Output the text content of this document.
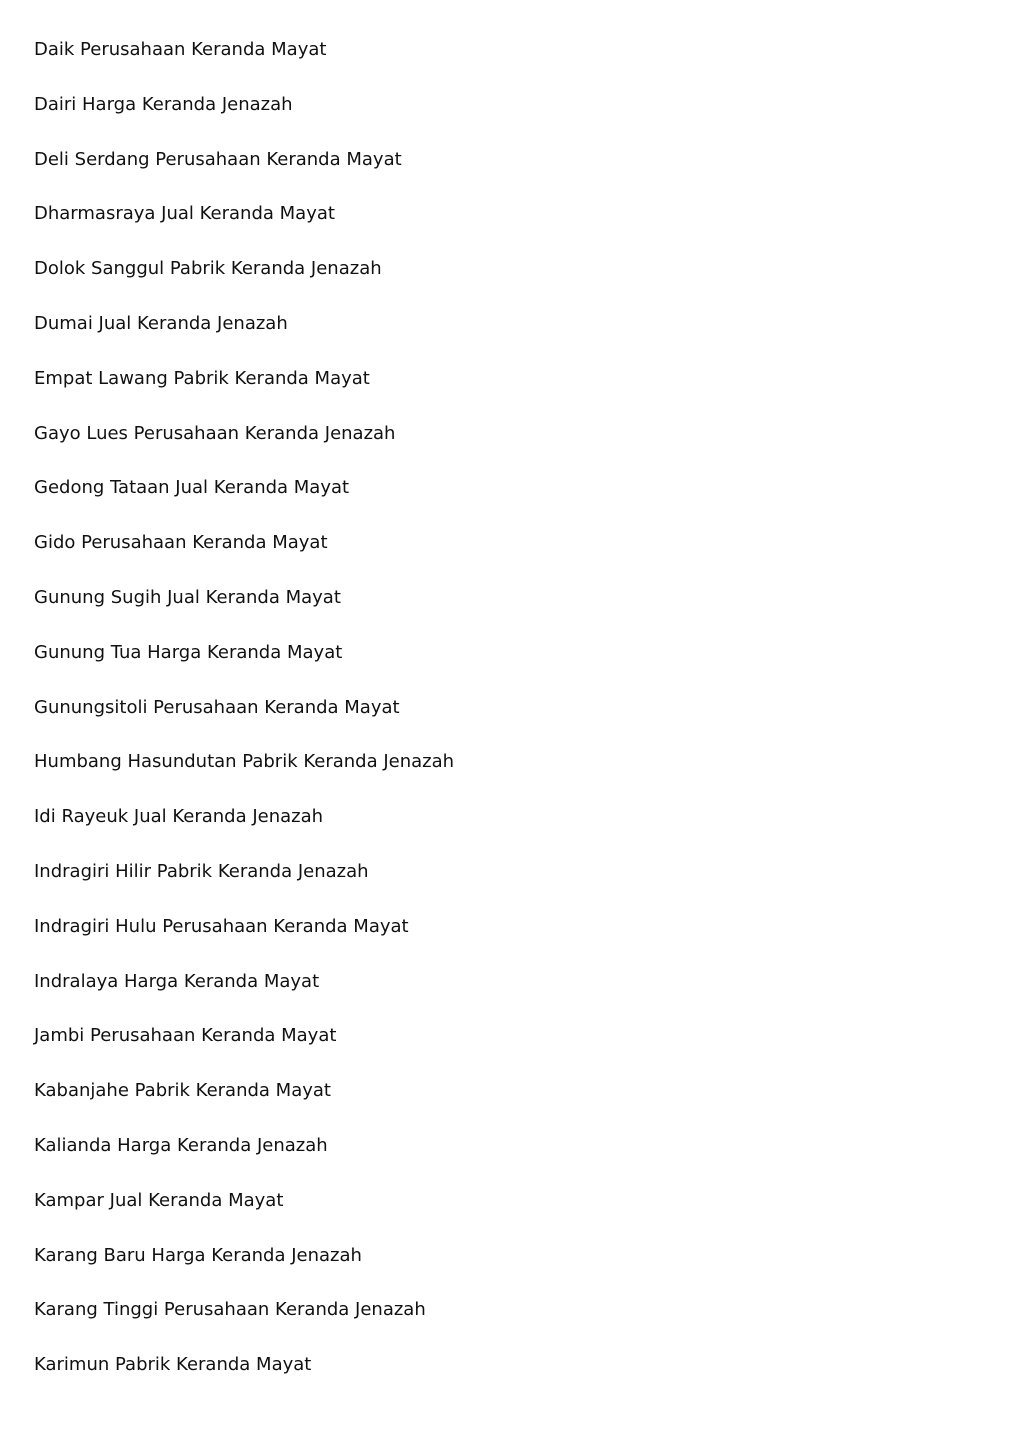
Daik Perusahaan Keranda Mayat
Dairi Harga Keranda Jenazah
Deli Serdang Perusahaan Keranda Mayat
Dharmasraya Jual Keranda Mayat
Dolok Sanggul Pabrik Keranda Jenazah
Dumai Jual Keranda Jenazah
Empat Lawang Pabrik Keranda Mayat
Gayo Lues Perusahaan Keranda Jenazah
Gedong Tataan Jual Keranda Mayat
Gido Perusahaan Keranda Mayat
Gunung Sugih Jual Keranda Mayat
Gunung Tua Harga Keranda Mayat
Gunungsitoli Perusahaan Keranda Mayat
Humbang Hasundutan Pabrik Keranda Jenazah
Idi Rayeuk Jual Keranda Jenazah
Indragiri Hilir Pabrik Keranda Jenazah
Indragiri Hulu Perusahaan Keranda Mayat
Indralaya Harga Keranda Mayat
Jambi Perusahaan Keranda Mayat
Kabanjahe Pabrik Keranda Mayat
Kalianda Harga Keranda Jenazah
Kampar Jual Keranda Mayat
Karang Baru Harga Keranda Jenazah
Karang Tinggi Perusahaan Keranda Jenazah
Karimun Pabrik Keranda Mayat
